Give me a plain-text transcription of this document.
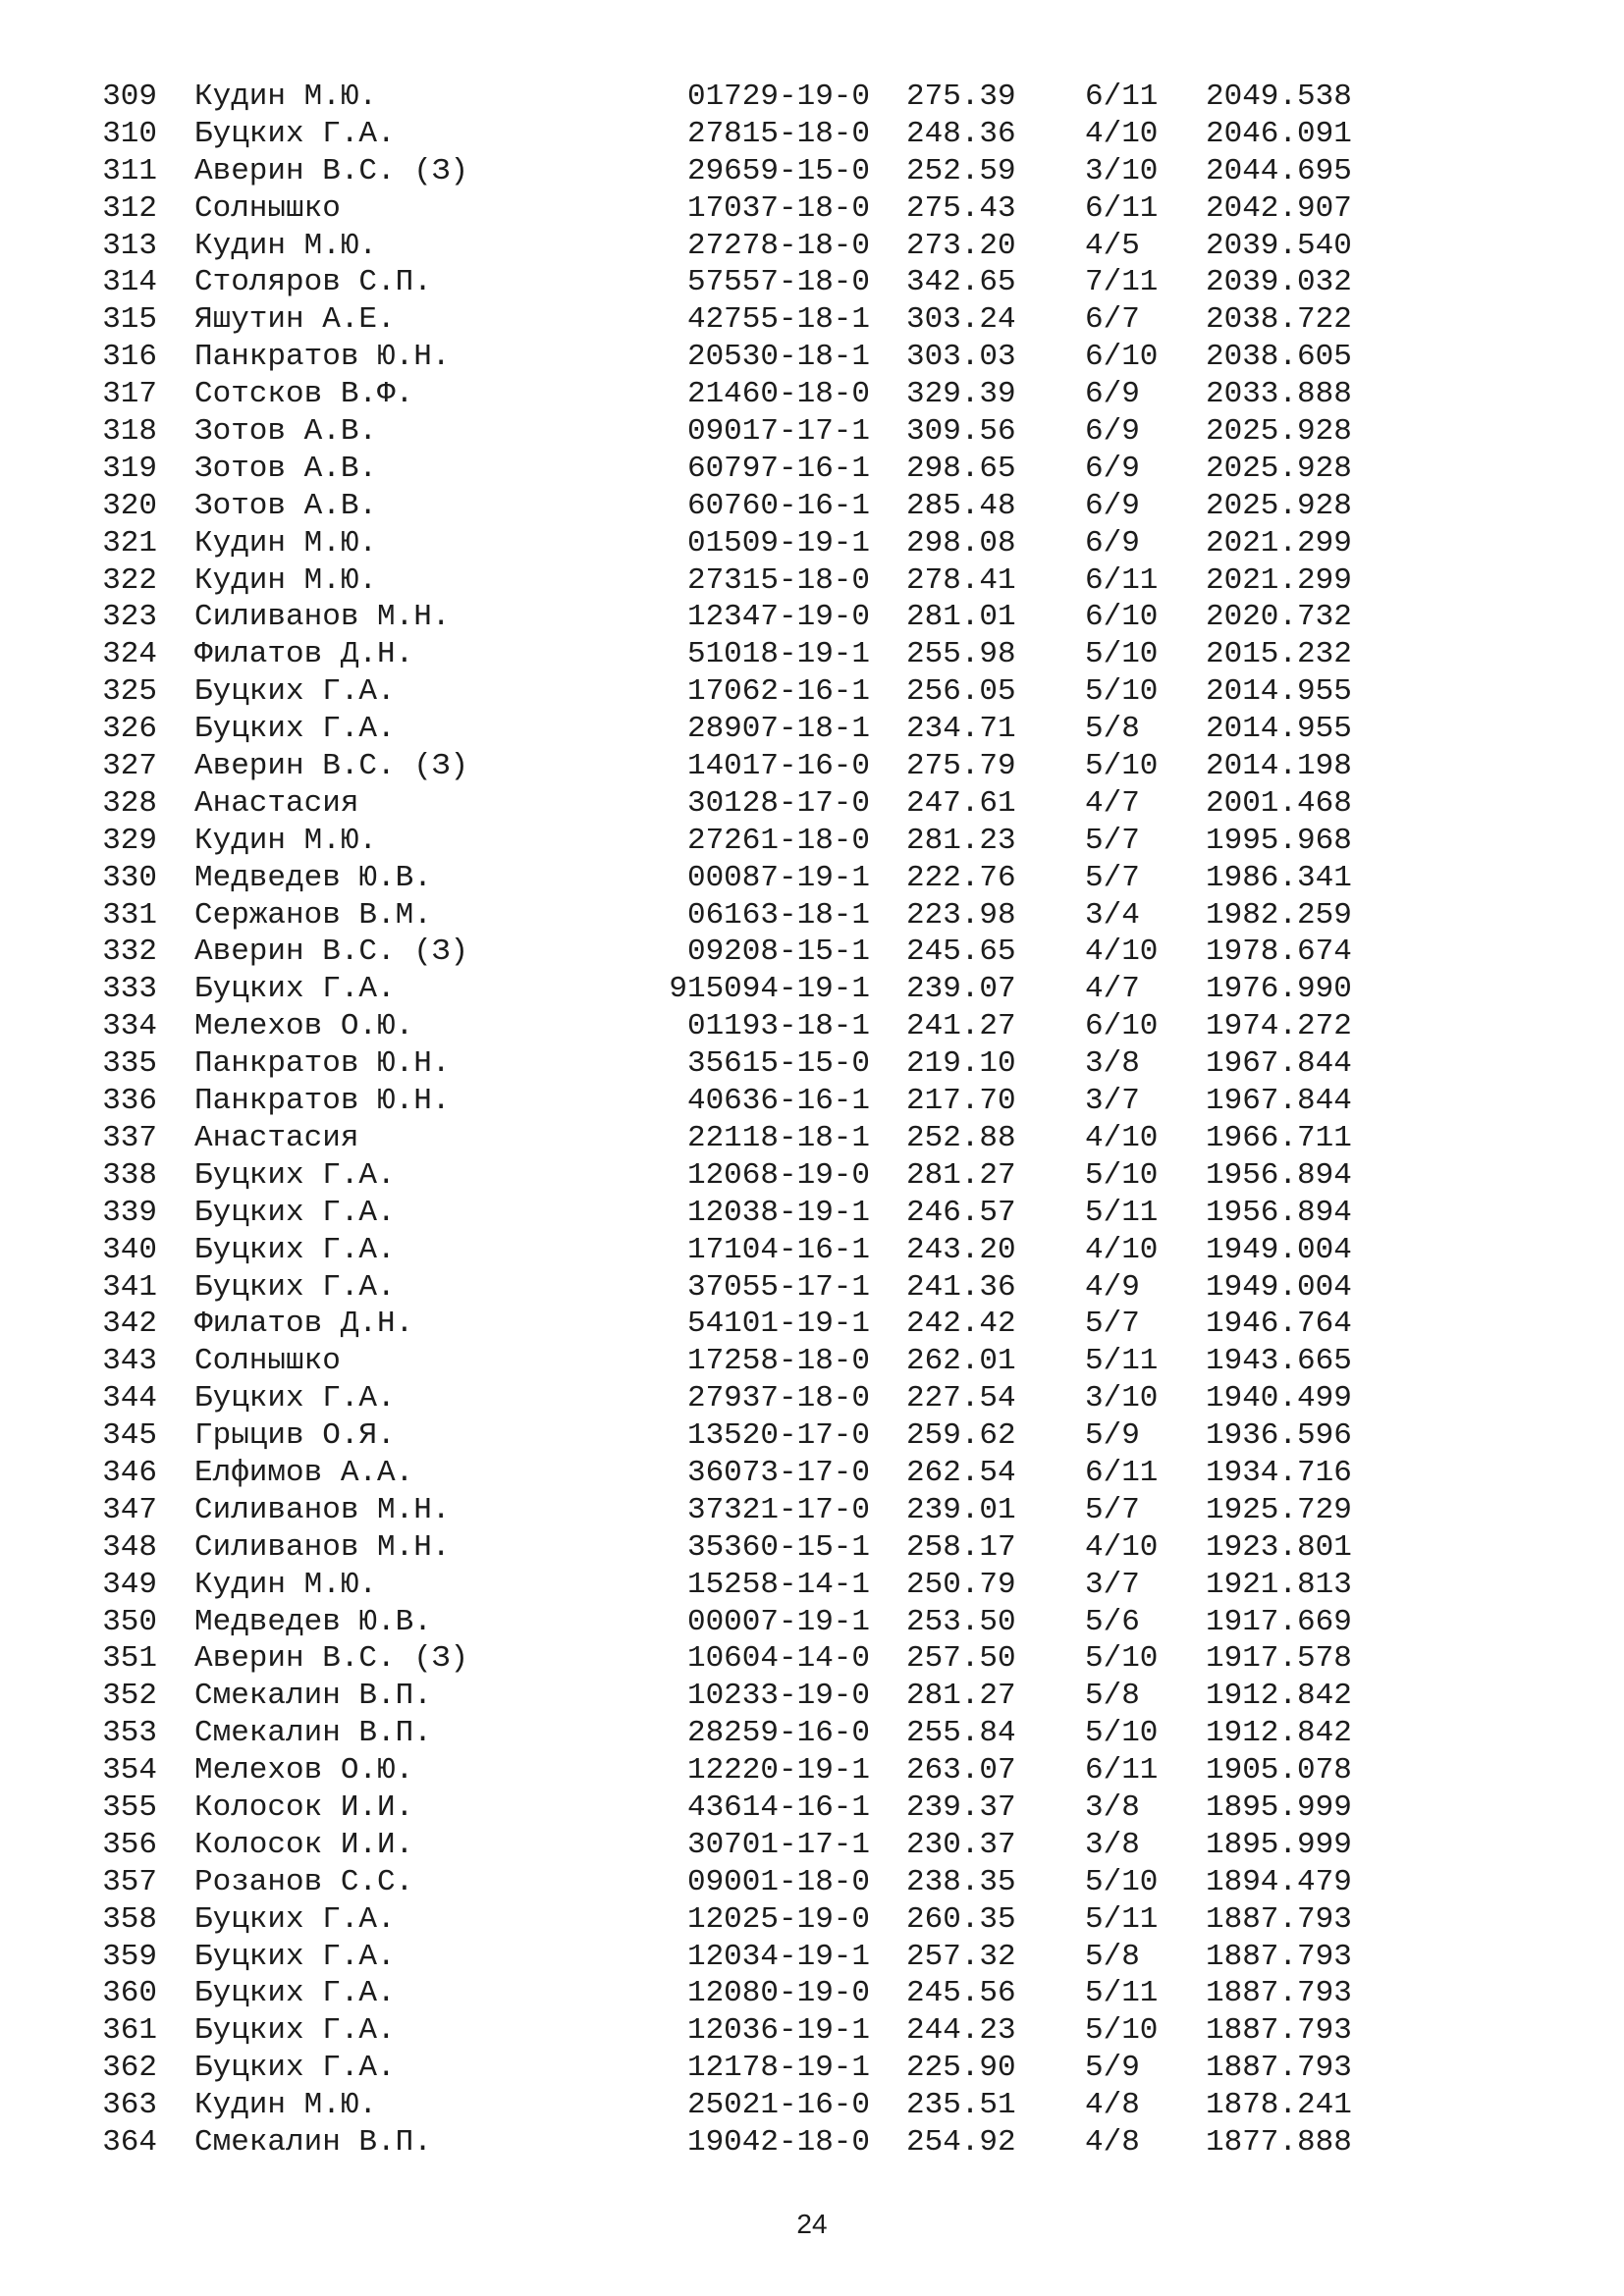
309 Кудин М.Ю.	01729-19-0 275.39 6/11 2049.538
310 Буцких Г.А.	27815-18-0 248.36 4/10 2046.091
311 Аверин В.С. (З)	29659-15-0 252.59 3/10 2044.695
312 Солнышко	17037-18-0 275.43 6/11 2042.907
313 Кудин М.Ю.	27278-18-0 273.20 4/5 2039.540
314 Столяров С.П.	57557-18-0 342.65 7/11 2039.032
315 Яшутин А.Е.	42755-18-1 303.24 6/7 2038.722
316 Панкратов Ю.Н.	20530-18-1 303.03 6/10 2038.605
317 Сотсков В.Ф.	21460-18-0 329.39 6/9 2033.888
318 Зотов А.В.	09017-17-1 309.56 6/9 2025.928
319 Зотов А.В.	60797-16-1 298.65 6/9 2025.928
320 Зотов А.В.	60760-16-1 285.48 6/9 2025.928
321 Кудин М.Ю.	01509-19-1 298.08 6/9 2021.299
322 Кудин М.Ю.	27315-18-0 278.41 6/11 2021.299
323 Силиванов М.Н.	12347-19-0 281.01 6/10 2020.732
324 Филатов Д.Н.	51018-19-1 255.98 5/10 2015.232
325 Буцких Г.А.	17062-16-1 256.05 5/10 2014.955
326 Буцких Г.А.	28907-18-1 234.71 5/8 2014.955
327 Аверин В.С. (З)	14017-16-0 275.79 5/10 2014.198
328 Анастасия	30128-17-0 247.61 4/7 2001.468
329 Кудин М.Ю.	27261-18-0 281.23 5/7 1995.968
330 Медведев Ю.В.	00087-19-1 222.76 5/7 1986.341
331 Сержанов В.М.	06163-18-1 223.98 3/4 1982.259
332 Аверин В.С. (З)	09208-15-1 245.65 4/10 1978.674
333 Буцких Г.А.	915094-19-1 239.07 4/7 1976.990
334 Мелехов О.Ю.	01193-18-1 241.27 6/10 1974.272
335 Панкратов Ю.Н.	35615-15-0 219.10 3/8 1967.844
336 Панкратов Ю.Н.	40636-16-1 217.70 3/7 1967.844
337 Анастасия	22118-18-1 252.88 4/10 1966.711
338 Буцких Г.А.	12068-19-0 281.27 5/10 1956.894
339 Буцких Г.А.	12038-19-1 246.57 5/11 1956.894
340 Буцких Г.А.	17104-16-1 243.20 4/10 1949.004
341 Буцких Г.А.	37055-17-1 241.36 4/9 1949.004
342 Филатов Д.Н.	54101-19-1 242.42 5/7 1946.764
343 Солнышко	17258-18-0 262.01 5/11 1943.665
344 Буцких Г.А.	27937-18-0 227.54 3/10 1940.499
345 Грыцив О.Я.	13520-17-0 259.62 5/9 1936.596
346 Елфимов А.А.	36073-17-0 262.54 6/11 1934.716
347 Силиванов М.Н.	37321-17-0 239.01 5/7 1925.729
348 Силиванов М.Н.	35360-15-1 258.17 4/10 1923.801
349 Кудин М.Ю.	15258-14-1 250.79 3/7 1921.813
350 Медведев Ю.В.	00007-19-1 253.50 5/6 1917.669
351 Аверин В.С. (З)	10604-14-0 257.50 5/10 1917.578
352 Смекалин В.П.	10233-19-0 281.27 5/8 1912.842
353 Смекалин В.П.	28259-16-0 255.84 5/10 1912.842
354 Мелехов О.Ю.	12220-19-1 263.07 6/11 1905.078
355 Колосок И.И.	43614-16-1 239.37 3/8 1895.999
356 Колосок И.И.	30701-17-1 230.37 3/8 1895.999
357 Розанов С.С.	09001-18-0 238.35 5/10 1894.479
358 Буцких Г.А.	12025-19-0 260.35 5/11 1887.793
359 Буцких Г.А.	12034-19-1 257.32 5/8 1887.793
360 Буцких Г.А.	12080-19-0 245.56 5/11 1887.793
361 Буцких Г.А.	12036-19-1 244.23 5/10 1887.793
362 Буцких Г.А.	12178-19-1 225.90 5/9 1887.793
363 Кудин М.Ю.	25021-16-0 235.51 4/8 1878.241
364 Смекалин В.П.	19042-18-0 254.92 4/8 1877.888
24
